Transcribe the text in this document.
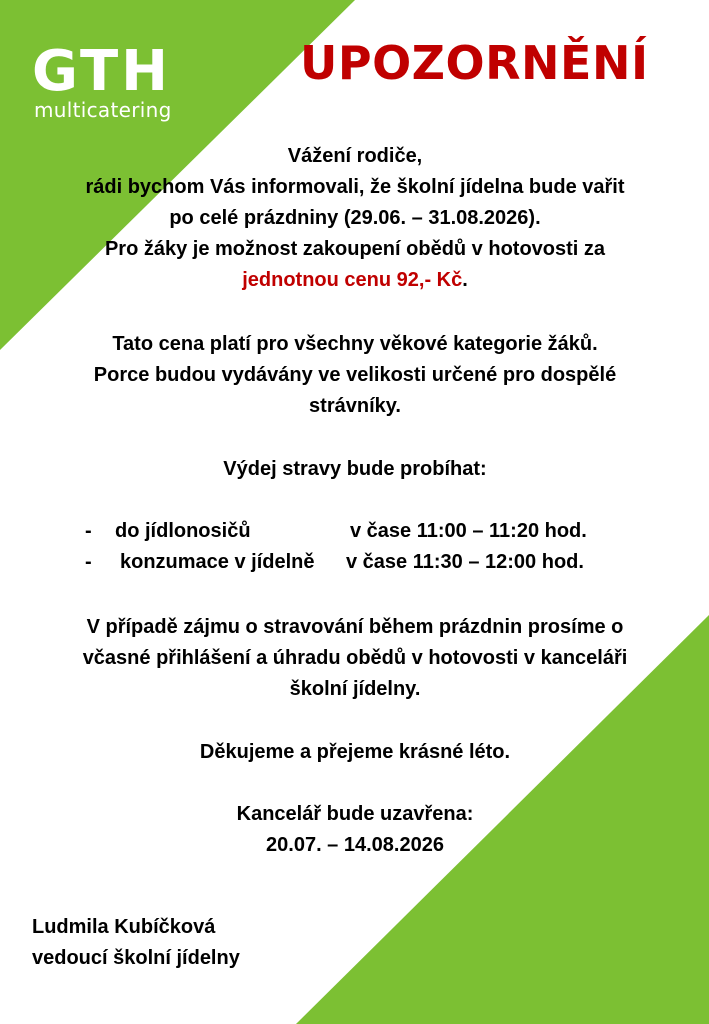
GTH
multicatering
UPOZORNĚNÍ

Vážení rodiče,

rádi bychom Vás informovali, že školní jídelna bude vařit

po celé prázdniny (29.06. – 31.08.2026).

Pro žáky je možnost zakoupení obědů v hotovosti za

jednotnou cenu 92,- Kč.

Tato cena platí pro všechny věkové kategorie žáků.

Porce budou vydávány ve velikosti určené pro dospělé

strávníky.

Výdej stravy bude probíhat:
- do jídlonosičů	v čase 11:00 – 11:20 hod.
- konzumace v jídelně v čase 11:30 – 12:00 hod.

V případě zájmu o stravování během prázdnin prosíme o

včasné přihlášení a úhradu obědů v hotovosti v kanceláři

školní jídelny.

Děkujeme a přejeme krásné léto.

Kancelář bude uzavřena:

20.07. – 14.08.2026

Ludmila Kubíčková
vedoucí školní jídelny
